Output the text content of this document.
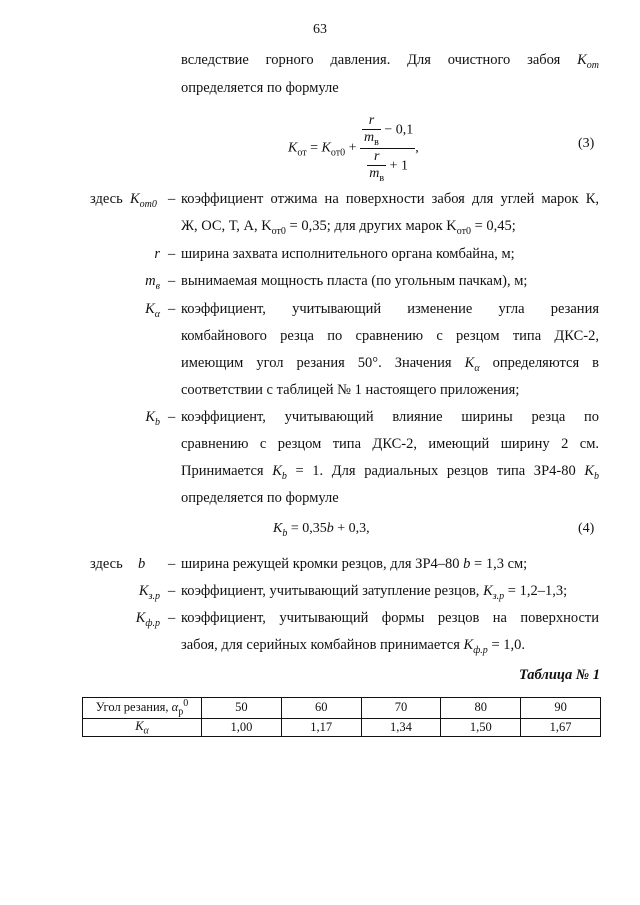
63
вследствие горного давления. Для очистного забоя $K_{от}$
определяется по формуле
$K_{от} = K_{от0} + \frac{\frac{r}{m_в} - 0,1}{\frac{r}{m_в} + 1}$ ,	(3)
здесь $K_{от0}$ – коэффициент отжима на поверхности забоя для углей марок К,
Ж, ОС, Т, А, $K_{от0} = 0,35$; для других марок $K_{от0} = 0,45$;
r – ширина захвата исполнительного органа комбайна, м;
$m_в$ – вынимаемая мощность пласта (по угольным пачкам), м;
$K_\alpha$ – коэффициент, учитывающий изменение угла резания
комбайнового резца по сравнению с резцом типа ДКС-2,
имеющим угол резания 50°. Значения $K_\alpha$ определяются в
соответствии с таблицей № 1 настоящего приложения;
$K_b$ – коэффициент, учитывающий влияние ширины резца по
сравнению с резцом типа ДКС-2, имеющий ширину 2 см.
Принимается $K_b = 1$. Для радиальных резцов типа ЗР4-80 $K_b$
определяется по формуле
$K_b = 0,35b + 0,3$,	(4)
здесь b	– ширина режущей кромки резцов, для ЗР4–80 b = 1,3 см;
$K_{з.р}$ – коэффициент, учитывающий затупление резцов, $K_{з.р} = 1,2-1,3$;
$K_{ф.р}$ – коэффициент, учитывающий формы резцов на поверхности
забоя, для серийных комбайнов принимается $K_{ф.р} = 1,0$.
Таблица № 1
Угол резания, $\alpha_р^0$	50	60	70	80	90
$K_\alpha$	1,00	1,17	1,34	1,50	1,67
